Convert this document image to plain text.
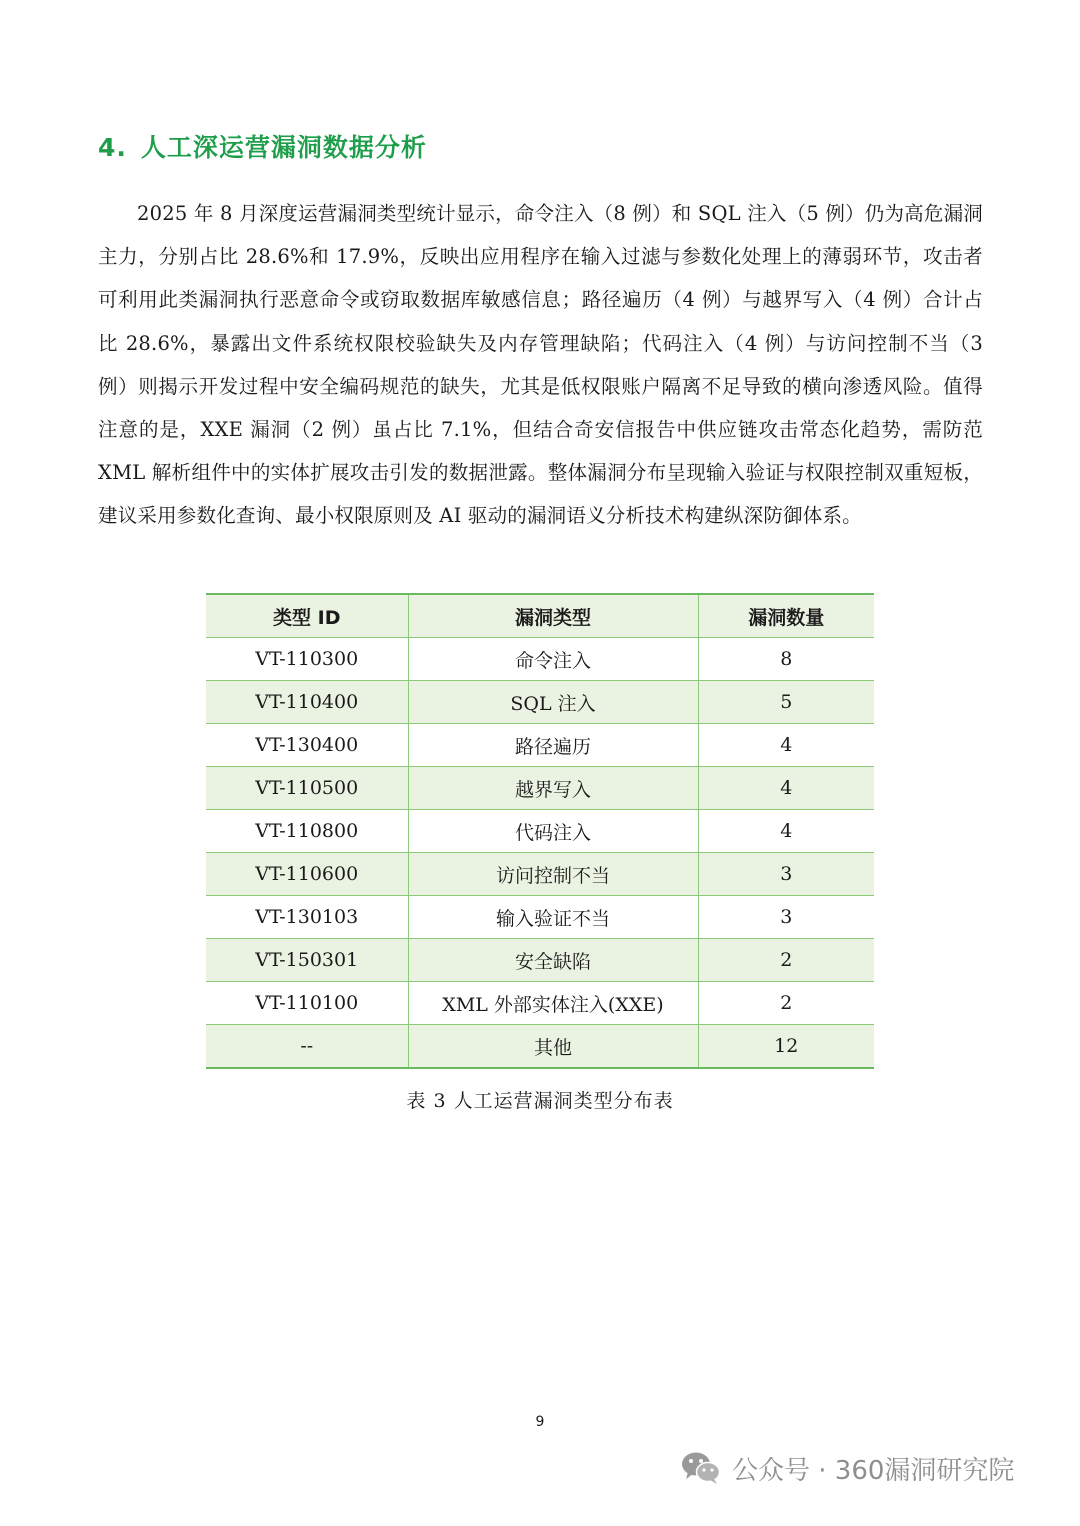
4. 人工深运营漏洞数据分析

2025 年 8 月深度运营漏洞类型统计显示，命令注入（8 例）和 SQL 注入（5 例）仍为高危漏洞主力，分别占比 28.6%和 17.9%，反映出应用程序在输入过滤与参数化处理上的薄弱环节，攻击者可利用此类漏洞执行恶意命令或窃取数据库敏感信息；路径遍历（4 例）与越界写入（4 例）合计占比 28.6%，暴露出文件系统权限校验缺失及内存管理缺陷；代码注入（4 例）与访问控制不当（3 例）则揭示开发过程中安全编码规范的缺失，尤其是低权限账户隔离不足导致的横向渗透风险。值得注意的是，XXE 漏洞（2 例）虽占比 7.1%，但结合奇安信报告中供应链攻击常态化趋势，需防范 XML 解析组件中的实体扩展攻击引发的数据泄露。整体漏洞分布呈现输入验证与权限控制双重短板，建议采用参数化查询、最小权限原则及 AI 驱动的漏洞语义分析技术构建纵深防御体系。

类型 ID	漏洞类型	漏洞数量
VT-110300	命令注入	8
VT-110400	SQL 注入	5
VT-130400	路径遍历	4
VT-110500	越界写入	4
VT-110800	代码注入	4
VT-110600	访问控制不当	3
VT-130103	输入验证不当	3
VT-150301	安全缺陷	2
VT-110100	XML 外部实体注入(XXE)	2
--	其他	12
表 3 人工运营漏洞类型分布表
9
公众号 · 360漏洞研究院
